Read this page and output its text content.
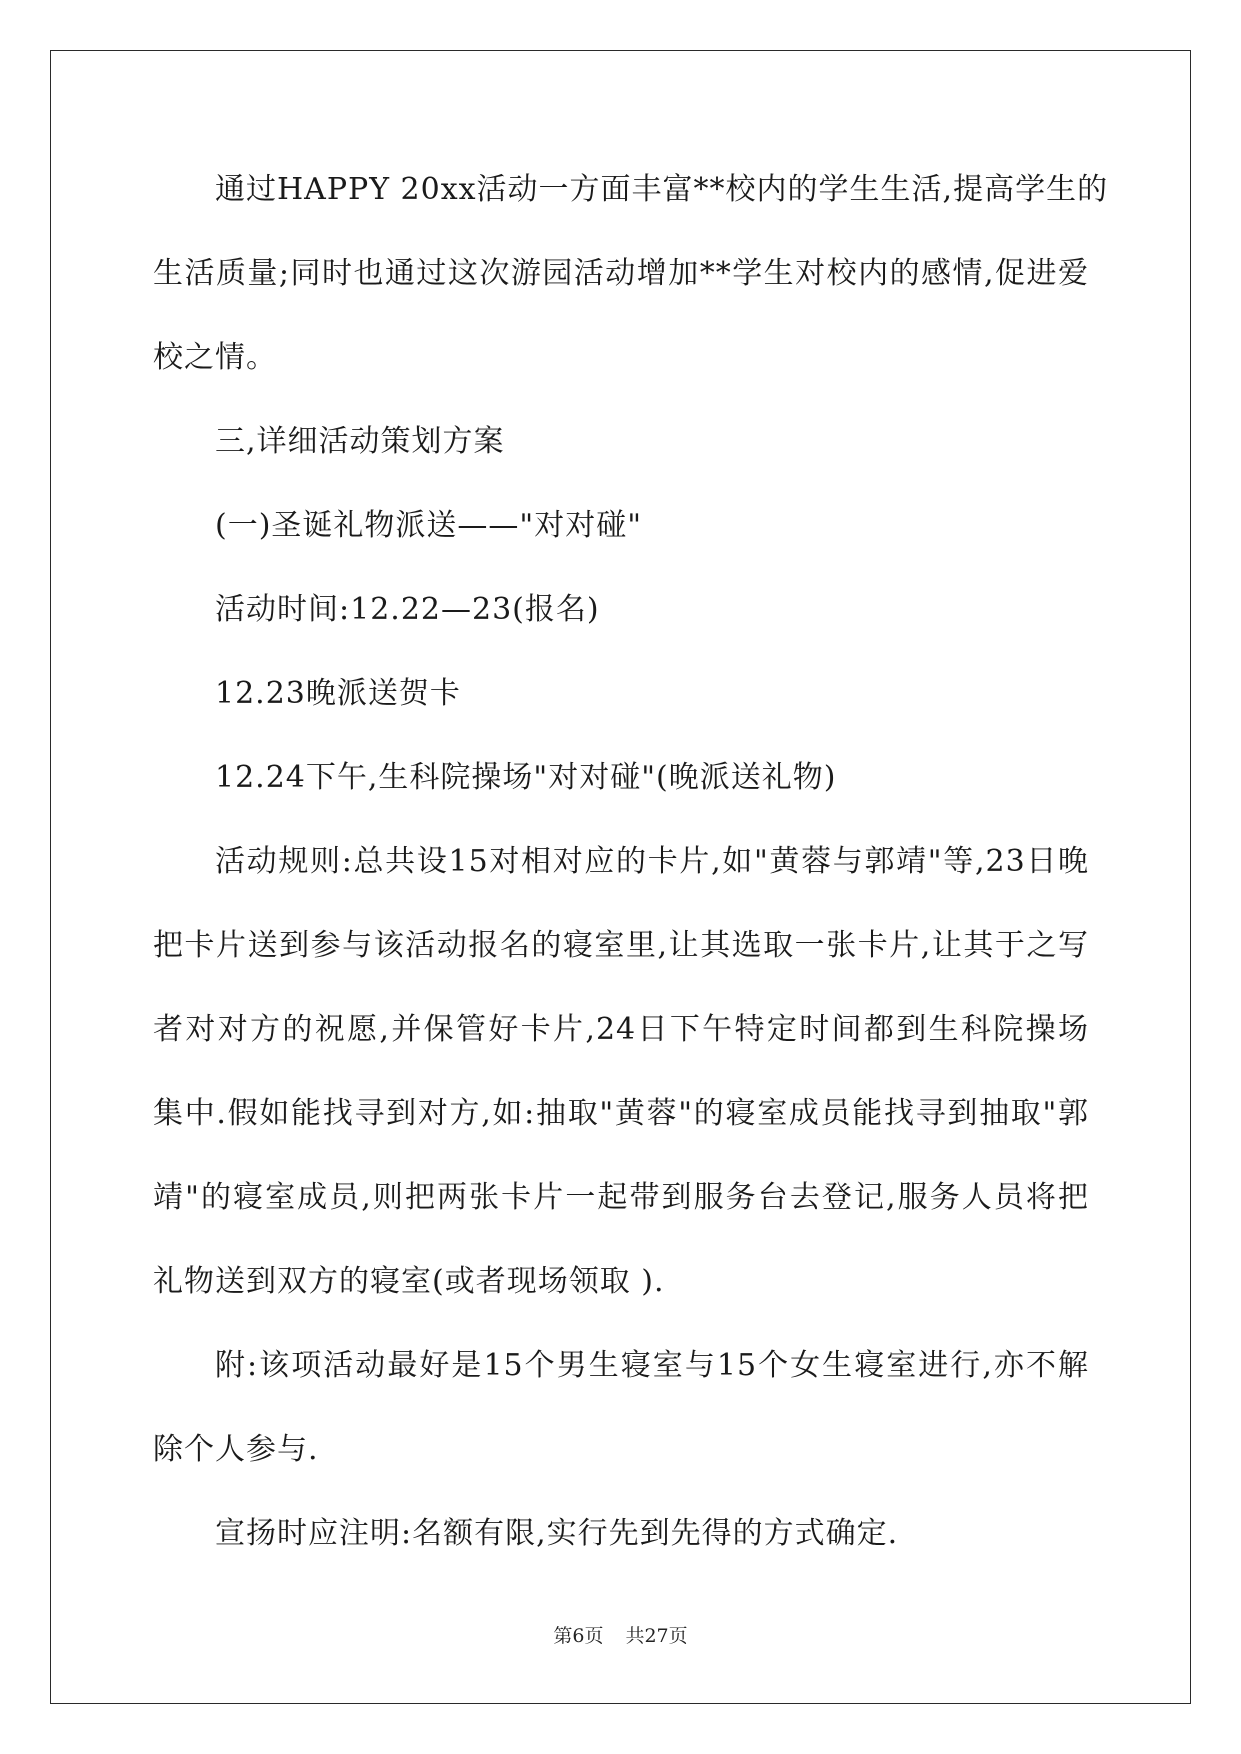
通过HAPPY 20xx活动一方面丰富**校内的学生生活,提高学生的
生活质量;同时也通过这次游园活动增加**学生对校内的感情,促进爱
校之情。
三,详细活动策划方案
(一)圣诞礼物派送——"对对碰"
活动时间:12.22—23(报名)
12.23晚派送贺卡
12.24下午,生科院操场"对对碰"(晚派送礼物)
活动规则:总共设15对相对应的卡片,如"黄蓉与郭靖"等,23日晚
把卡片送到参与该活动报名的寝室里,让其选取一张卡片,让其于之写
者对对方的祝愿,并保管好卡片,24日下午特定时间都到生科院操场
集中.假如能找寻到对方,如:抽取"黄蓉"的寝室成员能找寻到抽取"郭
靖"的寝室成员,则把两张卡片一起带到服务台去登记,服务人员将把
礼物送到双方的寝室(或者现场领取 ).
附:该项活动最好是15个男生寝室与15个女生寝室进行,亦不解
除个人参与.
宣扬时应注明:名额有限,实行先到先得的方式确定.
第6页 共27页
